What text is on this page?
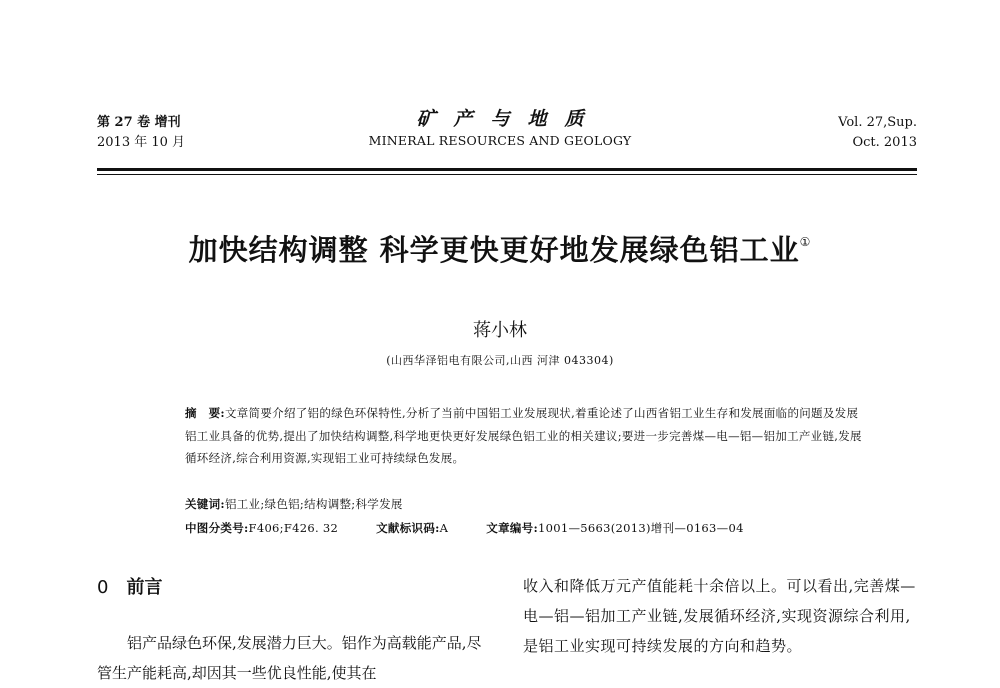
第 27 卷 增刊
2013 年 10 月
矿产与地质
MINERAL RESOURCES AND GEOLOGY
Vol. 27,Sup.
Oct. 2013
加快结构调整 科学更快更好地发展绿色铝工业①
蒋小林
(山西华泽铝电有限公司,山西 河津 043304)
摘　要:文章简要介绍了铝的绿色环保特性,分析了当前中国铝工业发展现状,着重论述了山西省铝工业生存和发展面临的问题及发展铝工业具备的优势,提出了加快结构调整,科学地更快更好发展绿色铝工业的相关建议;要进一步完善煤—电—铝—铝加工产业链,发展循环经济,综合利用资源,实现铝工业可持续绿色发展。
关键词:铝工业;绿色铝;结构调整;科学发展
中图分类号:F406;F426. 32	文献标识码:A	文章编号:1001—5663(2013)增刊—0163—04
0 前言
铝产品绿色环保,发展潜力巨大。铝作为高载能产品,尽管生产能耗高,却因其一些优良性能,使其在
收入和降低万元产值能耗十余倍以上。可以看出,完善煤—电—铝—铝加工产业链,发展循环经济,实现资源综合利用,是铝工业实现可持续发展的方向和趋势。
